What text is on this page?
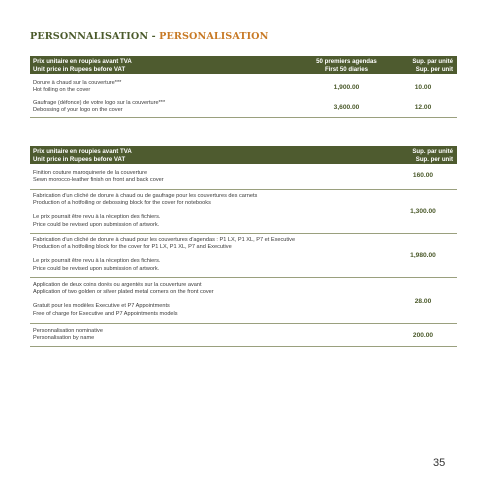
PERSONNALISATION - PERSONALISATION
Prix unitaire en roupies avant TVA
Unit price in Rupees before VAT
50 premiers agendas
First 50 diaries
Sup. par unité
Sup. per unit
Dorure à chaud sur la couverture***
Hot foiling on the cover	1,900.00	10.00
Gaufrage (défonce) de votre logo sur la couverture***
Debossing of your logo on the cover	3,600.00	12.00
Prix unitaire en roupies avant TVA
Unit price in Rupees before VAT
Sup. par unité
Sup. per unit
Finition couture maroquinerie de la couverture
Sewn morocco-leather finish on front and back cover
160.00
Fabrication d'un cliché de dorure à chaud ou de gaufrage pour les couvertures des carnets
Production of a hotfoiling or debossing block for the cover for notebooks
Le prix pourrait être revu à la réception des fichiers.
Price could be revised upon submission of artwork.
1,300.00
Fabrication d'un cliché de dorure à chaud pour les couvertures d'agendas : P1 LX, P1 XL, P7 et Executive
Production of a hotfoiling block for the cover for P1 LX, P1 XL, P7 and Executive
Le prix pourrait être revu à la réception des fichiers.
Price could be revised upon submission of artwork.
1,980.00
Application de deux coins dorés ou argentés sur la couverture avant
Application of two golden or silver plated metal corners on the front cover
Gratuit pour les modèles Executive et P7 Appointments
Free of charge for Executive and P7 Appointments models
28.00
Personnalisation nominative
Personalisation by name	200.00
35
